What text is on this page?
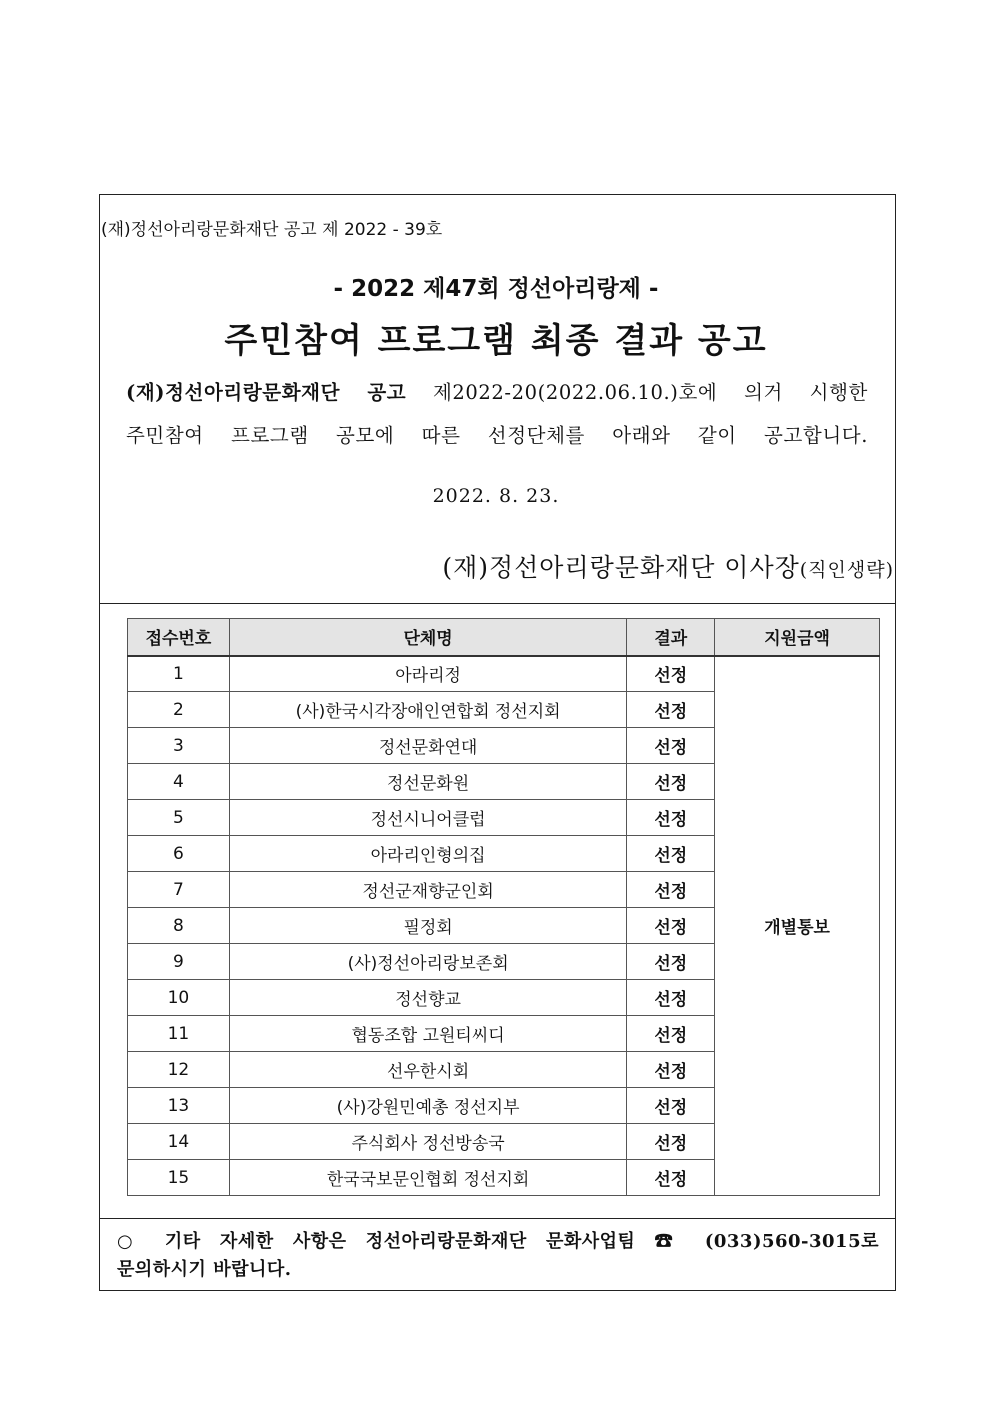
(재)정선아리랑문화재단 공고 제 2022 - 39호
- 2022 제47회 정선아리랑제 -
주민참여 프로그램 최종 결과 공고
(재)정선아리랑문화재단 공고 제2022-20(2022.06.10.)호에 의거 시행한
주민참여 프로그램 공모에 따른 선정단체를 아래와 같이 공고합니다.
2022. 8. 23.
(재)정선아리랑문화재단 이사장(직인생략)
접수번호	단체명	결과	지원금액
1	아라리정	선정	개별통보
2	(사)한국시각장애인연합회 정선지회	선정	
3	정선문화연대	선정	
4	정선문화원	선정	
5	정선시니어클럽	선정	
6	아라리인형의집	선정	
7	정선군재향군인회	선정	
8	필정회	선정	
9	(사)정선아리랑보존회	선정	
10	정선향교	선정	
11	협동조합 고원티씨디	선정	
12	선우한시회	선정	
13	(사)강원민예총 정선지부	선정	
14	주식회사 정선방송국	선정	
15	한국국보문인협회 정선지회	선정	
○ 기타 자세한 사항은 정선아리랑문화재단 문화사업팀 ☎ (033)560-3015로
문의하시기 바랍니다.
